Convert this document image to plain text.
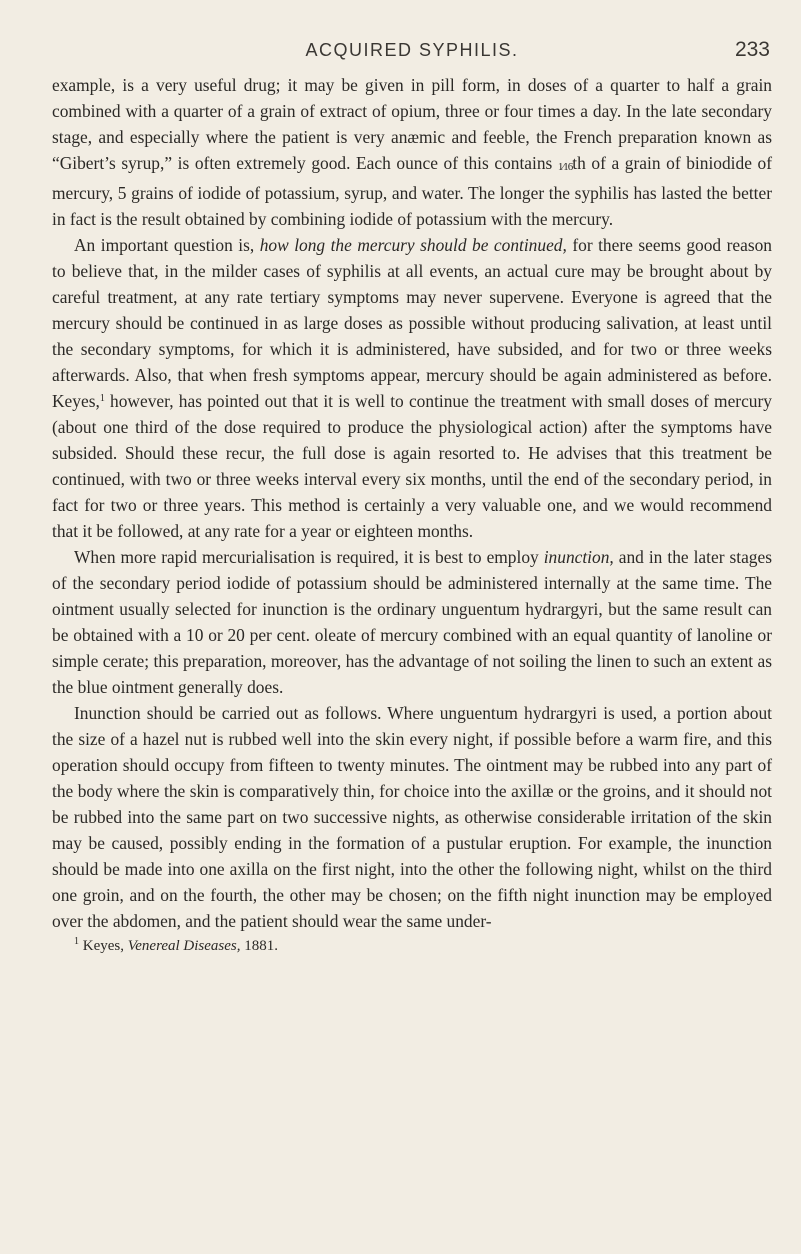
ACQUIRED SYPHILIS.	233

example, is a very useful drug; it may be given in pill form, in doses of a quarter to half a grain combined with a quarter of a grain of extract of opium, three or four times a day. In the late secondary stage, and especially where the patient is very anæmic and feeble, the French preparation known as “Gibert’s syrup,” is often extremely good. Each ounce of this contains 1⁄16th of a grain of biniodide of mercury, 5 grains of iodide of potassium, syrup, and water. The longer the syphilis has lasted the better in fact is the result obtained by combining iodide of potassium with the mercury.

An important question is, how long the mercury should be continued, for there seems good reason to believe that, in the milder cases of syphilis at all events, an actual cure may be brought about by careful treatment, at any rate tertiary symptoms may never supervene. Everyone is agreed that the mercury should be continued in as large doses as possible without producing salivation, at least until the secondary symptoms, for which it is administered, have subsided, and for two or three weeks afterwards. Also, that when fresh symptoms appear, mercury should be again administered as before. Keyes,$^1$ however, has pointed out that it is well to continue the treatment with small doses of mercury (about one third of the dose required to produce the physiological action) after the symptoms have subsided. Should these recur, the full dose is again resorted to. He advises that this treatment be continued, with two or three weeks interval every six months, until the end of the secondary period, in fact for two or three years. This method is certainly a very valuable one, and we would recommend that it be followed, at any rate for a year or eighteen months.

When more rapid mercurialisation is required, it is best to employ inunction, and in the later stages of the secondary period iodide of potassium should be administered internally at the same time. The ointment usually selected for inunction is the ordinary unguentum hydrargyri, but the same result can be obtained with a 10 or 20 per cent. oleate of mercury combined with an equal quantity of lanoline or simple cerate; this preparation, moreover, has the advantage of not soiling the linen to such an extent as the blue ointment generally does.

Inunction should be carried out as follows. Where unguentum hydrargyri is used, a portion about the size of a hazel nut is rubbed well into the skin every night, if possible before a warm fire, and this operation should occupy from fifteen to twenty minutes. The ointment may be rubbed into any part of the body where the skin is comparatively thin, for choice into the axillæ or the groins, and it should not be rubbed into the same part on two successive nights, as otherwise considerable irritation of the skin may be caused, possibly ending in the formation of a pustular eruption. For example, the inunction should be made into one axilla on the first night, into the other the following night, whilst on the third one groin, and on the fourth, the other may be chosen; on the fifth night inunction may be employed over the abdomen, and the patient should wear the same under-

$^1$ Keyes, Venereal Diseases, 1881.
